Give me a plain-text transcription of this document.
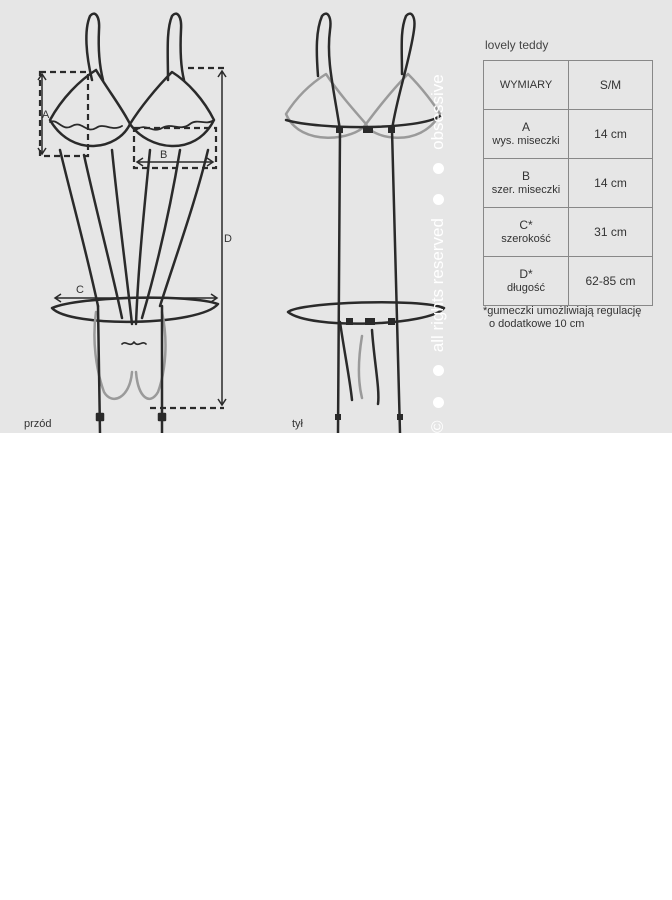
A
B
C
D
przód	tył	©   all rights reserved   obsessive
lovely teddy
WYMIARY	S/M

A
wys. miseczki	14 cm

B
szer. miseczki	14 cm

C*
szerokość	31 cm

D*
długość	62-85 cm
*gumeczki umożliwiają regulację
o dodatkowe 10 cm
